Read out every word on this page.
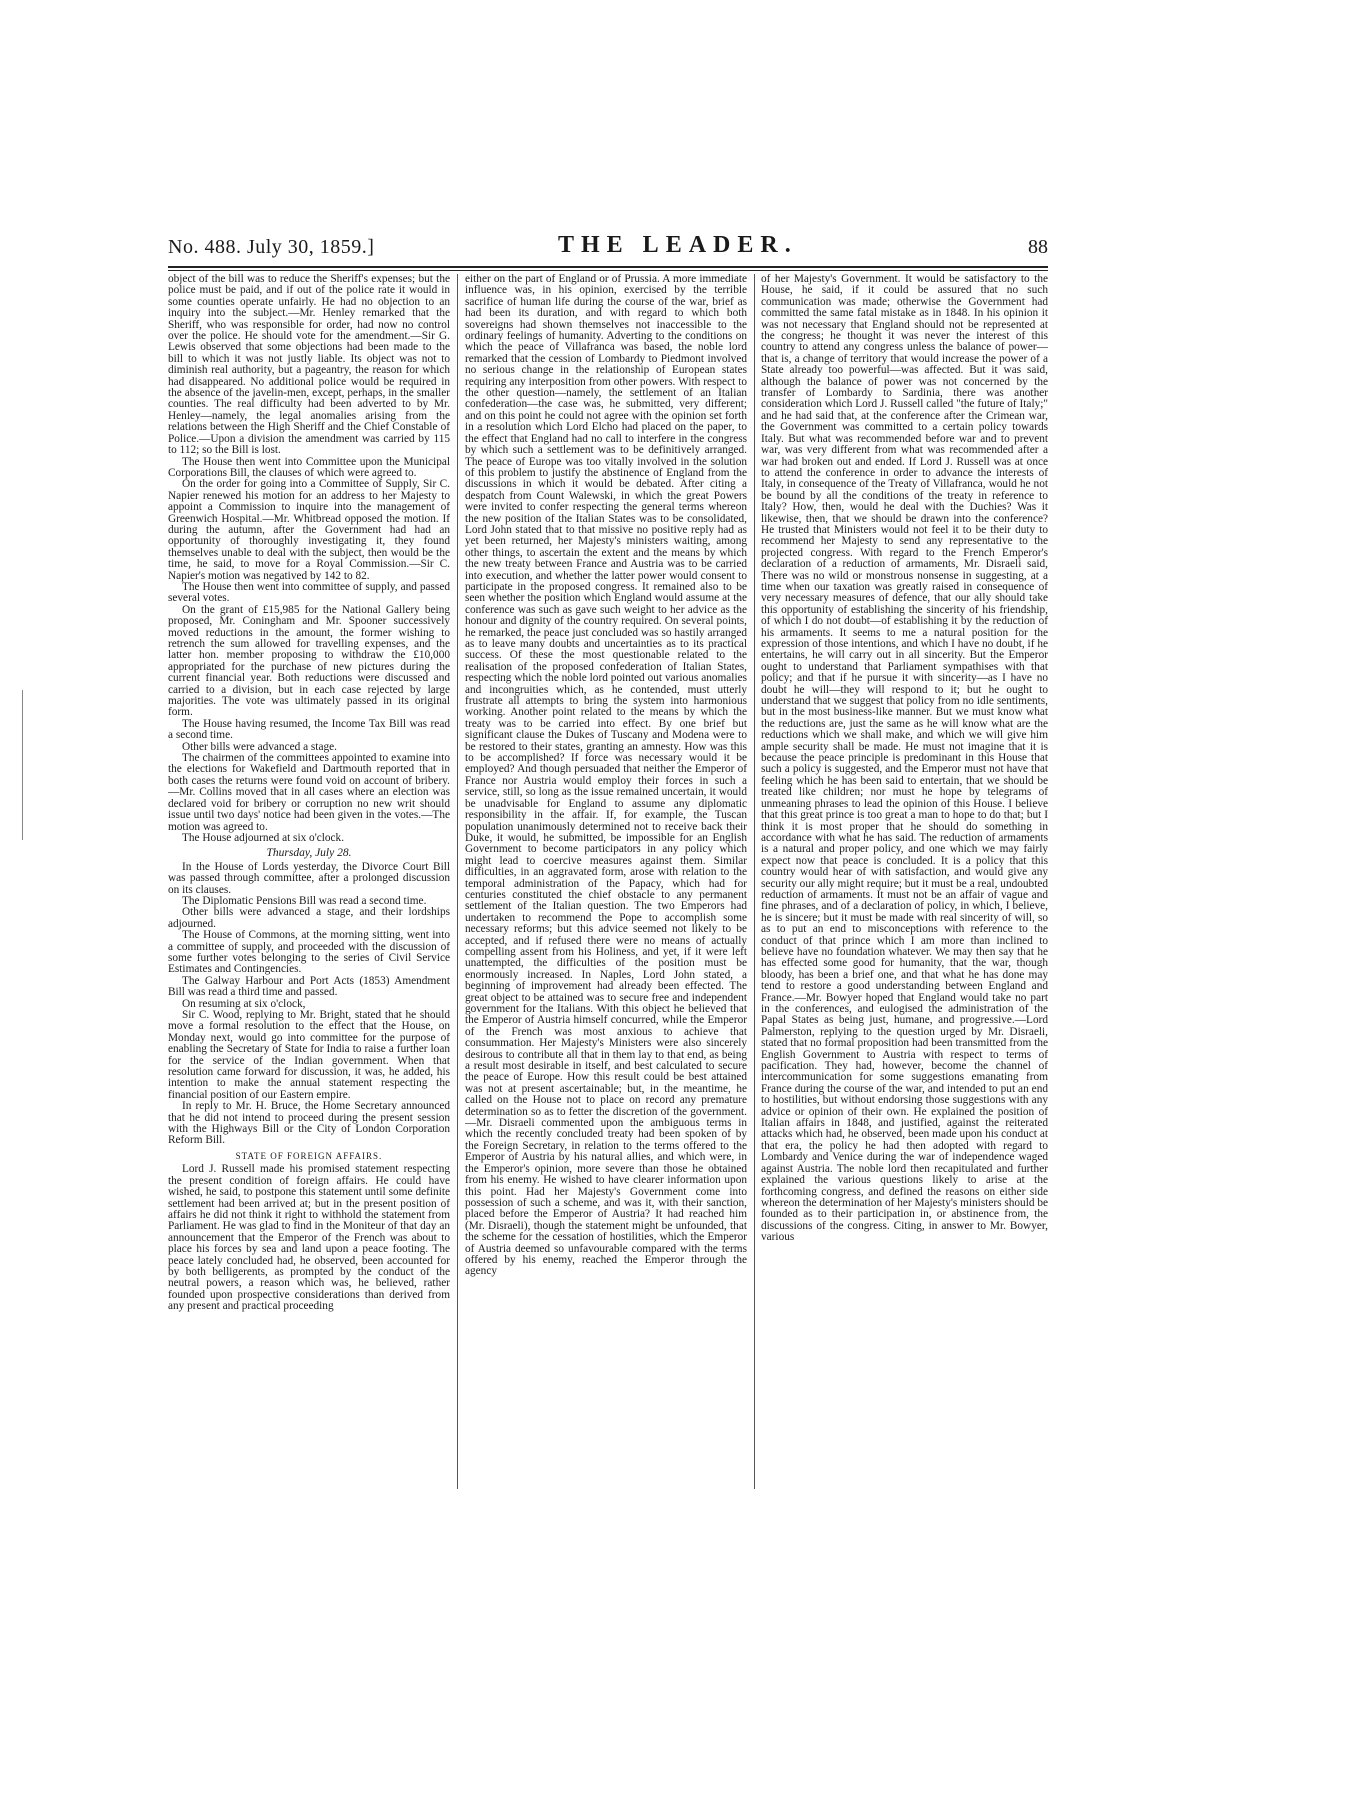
No. 488. July 30, 1859.]	THE LEADER.	88

object of the bill was to reduce the Sheriff's expenses; but the police must be paid, and if out of the police rate it would in some counties operate unfairly. He had no objection to an inquiry into the subject.—Mr. Henley remarked that the Sheriff, who was responsible for order, had now no control over the police. He should vote for the amendment.—Sir G. Lewis observed that some objections had been made to the bill to which it was not justly liable. Its object was not to diminish real authority, but a pageantry, the reason for which had disappeared. No additional police would be required in the absence of the javelin-men, except, perhaps, in the smaller counties. The real difficulty had been adverted to by Mr. Henley—namely, the legal anomalies arising from the relations between the High Sheriff and the Chief Constable of Police.—Upon a division the amendment was carried by 115 to 112; so the Bill is lost.

The House then went into Committee upon the Municipal Corporations Bill, the clauses of which were agreed to.

On the order for going into a Committee of Supply, Sir C. Napier renewed his motion for an address to her Majesty to appoint a Commission to inquire into the management of Greenwich Hospital.—Mr. Whitbread opposed the motion. If during the autumn, after the Government had had an opportunity of thoroughly investigating it, they found themselves unable to deal with the subject, then would be the time, he said, to move for a Royal Commission.—Sir C. Napier's motion was negatived by 142 to 82.

The House then went into committee of supply, and passed several votes.

On the grant of £15,985 for the National Gallery being proposed, Mr. Coningham and Mr. Spooner successively moved reductions in the amount, the former wishing to retrench the sum allowed for travelling expenses, and the latter hon. member proposing to withdraw the £10,000 appropriated for the purchase of new pictures during the current financial year. Both reductions were discussed and carried to a division, but in each case rejected by large majorities. The vote was ultimately passed in its original form.

The House having resumed, the Income Tax Bill was read a second time.

Other bills were advanced a stage.

The chairmen of the committees appointed to examine into the elections for Wakefield and Dartmouth reported that in both cases the returns were found void on account of bribery.—Mr. Collins moved that in all cases where an election was declared void for bribery or corruption no new writ should issue until two days' notice had been given in the votes.—The motion was agreed to.

The House adjourned at six o'clock.

Thursday, July 28.

In the House of Lords yesterday, the Divorce Court Bill was passed through committee, after a prolonged discussion on its clauses.

The Diplomatic Pensions Bill was read a second time.

Other bills were advanced a stage, and their lordships adjourned.

The House of Commons, at the morning sitting, went into a committee of supply, and proceeded with the discussion of some further votes belonging to the series of Civil Service Estimates and Contingencies.

The Galway Harbour and Port Acts (1853) Amendment Bill was read a third time and passed.

On resuming at six o'clock,

Sir C. Wood, replying to Mr. Bright, stated that he should move a formal resolution to the effect that the House, on Monday next, would go into committee for the purpose of enabling the Secretary of State for India to raise a further loan for the service of the Indian government. When that resolution came forward for discussion, it was, he added, his intention to make the annual statement respecting the financial position of our Eastern empire.

In reply to Mr. H. Bruce, the Home Secretary announced that he did not intend to proceed during the present session with the Highways Bill or the City of London Corporation Reform Bill.

STATE OF FOREIGN AFFAIRS.

Lord J. Russell made his promised statement respecting the present condition of foreign affairs. He could have wished, he said, to postpone this statement until some definite settlement had been arrived at; but in the present position of affairs he did not think it right to withhold the statement from Parliament. He was glad to find in the Moniteur of that day an announcement that the Emperor of the French was about to place his forces by sea and land upon a peace footing. The peace lately concluded had, he observed, been accounted for by both belligerents, as prompted by the conduct of the neutral powers, a reason which was, he believed, rather founded upon prospective considerations than derived from any present and practical proceeding

either on the part of England or of Prussia. A more immediate influence was, in his opinion, exercised by the terrible sacrifice of human life during the course of the war, brief as had been its duration, and with regard to which both sovereigns had shown themselves not inaccessible to the ordinary feelings of humanity. Adverting to the conditions on which the peace of Villafranca was based, the noble lord remarked that the cession of Lombardy to Piedmont involved no serious change in the relationship of European states requiring any interposition from other powers. With respect to the other question—namely, the settlement of an Italian confederation—the case was, he submitted, very different; and on this point he could not agree with the opinion set forth in a resolution which Lord Elcho had placed on the paper, to the effect that England had no call to interfere in the congress by which such a settlement was to be definitively arranged. The peace of Europe was too vitally involved in the solution of this problem to justify the abstinence of England from the discussions in which it would be debated. After citing a despatch from Count Walewski, in which the great Powers were invited to confer respecting the general terms whereon the new position of the Italian States was to be consolidated, Lord John stated that to that missive no positive reply had as yet been returned, her Majesty's ministers waiting, among other things, to ascertain the extent and the means by which the new treaty between France and Austria was to be carried into execution, and whether the latter power would consent to participate in the proposed congress. It remained also to be seen whether the position which England would assume at the conference was such as gave such weight to her advice as the honour and dignity of the country required. On several points, he remarked, the peace just concluded was so hastily arranged as to leave many doubts and uncertainties as to its practical success. Of these the most questionable related to the realisation of the proposed confederation of Italian States, respecting which the noble lord pointed out various anomalies and incongruities which, as he contended, must utterly frustrate all attempts to bring the system into harmonious working. Another point related to the means by which the treaty was to be carried into effect. By one brief but significant clause the Dukes of Tuscany and Modena were to be restored to their states, granting an amnesty. How was this to be accomplished? If force was necessary would it be employed? And though persuaded that neither the Emperor of France nor Austria would employ their forces in such a service, still, so long as the issue remained uncertain, it would be unadvisable for England to assume any diplomatic responsibility in the affair. If, for example, the Tuscan population unanimously determined not to receive back their Duke, it would, he submitted, be impossible for an English Government to become participators in any policy which might lead to coercive measures against them. Similar difficulties, in an aggravated form, arose with relation to the temporal administration of the Papacy, which had for centuries constituted the chief obstacle to any permanent settlement of the Italian question. The two Emperors had undertaken to recommend the Pope to accomplish some necessary reforms; but this advice seemed not likely to be accepted, and if refused there were no means of actually compelling assent from his Holiness, and yet, if it were left unattempted, the difficulties of the position must be enormously increased. In Naples, Lord John stated, a beginning of improvement had already been effected. The great object to be attained was to secure free and independent government for the Italians. With this object he believed that the Emperor of Austria himself concurred, while the Emperor of the French was most anxious to achieve that consummation. Her Majesty's Ministers were also sincerely desirous to contribute all that in them lay to that end, as being a result most desirable in itself, and best calculated to secure the peace of Europe. How this result could be best attained was not at present ascertainable; but, in the meantime, he called on the House not to place on record any premature determination so as to fetter the discretion of the government.—Mr. Disraeli commented upon the ambiguous terms in which the recently concluded treaty had been spoken of by the Foreign Secretary, in relation to the terms offered to the Emperor of Austria by his natural allies, and which were, in the Emperor's opinion, more severe than those he obtained from his enemy. He wished to have clearer information upon this point. Had her Majesty's Government come into possession of such a scheme, and was it, with their sanction, placed before the Emperor of Austria? It had reached him (Mr. Disraeli), though the statement might be unfounded, that the scheme for the cessation of hostilities, which the Emperor of Austria deemed so unfavourable compared with the terms offered by his enemy, reached the Emperor through the agency

of her Majesty's Government. It would be satisfactory to the House, he said, if it could be assured that no such communication was made; otherwise the Government had committed the same fatal mistake as in 1848. In his opinion it was not necessary that England should not be represented at the congress; he thought it was never the interest of this country to attend any congress unless the balance of power—that is, a change of territory that would increase the power of a State already too powerful—was affected. But it was said, although the balance of power was not concerned by the transfer of Lombardy to Sardinia, there was another consideration which Lord J. Russell called "the future of Italy;" and he had said that, at the conference after the Crimean war, the Government was committed to a certain policy towards Italy. But what was recommended before war and to prevent war, was very different from what was recommended after a war had broken out and ended. If Lord J. Russell was at once to attend the conference in order to advance the interests of Italy, in consequence of the Treaty of Villafranca, would he not be bound by all the conditions of the treaty in reference to Italy? How, then, would he deal with the Duchies? Was it likewise, then, that we should be drawn into the conference? He trusted that Ministers would not feel it to be their duty to recommend her Majesty to send any representative to the projected congress. With regard to the French Emperor's declaration of a reduction of armaments, Mr. Disraeli said, There was no wild or monstrous nonsense in suggesting, at a time when our taxation was greatly raised in consequence of very necessary measures of defence, that our ally should take this opportunity of establishing the sincerity of his friendship, of which I do not doubt—of establishing it by the reduction of his armaments. It seems to me a natural position for the expression of those intentions, and which I have no doubt, if he entertains, he will carry out in all sincerity. But the Emperor ought to understand that Parliament sympathises with that policy; and that if he pursue it with sincerity—as I have no doubt he will—they will respond to it; but he ought to understand that we suggest that policy from no idle sentiments, but in the most business-like manner. But we must know what the reductions are, just the same as he will know what are the reductions which we shall make, and which we will give him ample security shall be made. He must not imagine that it is because the peace principle is predominant in this House that such a policy is suggested, and the Emperor must not have that feeling which he has been said to entertain, that we should be treated like children; nor must he hope by telegrams of unmeaning phrases to lead the opinion of this House. I believe that this great prince is too great a man to hope to do that; but I think it is most proper that he should do something in accordance with what he has said. The reduction of armaments is a natural and proper policy, and one which we may fairly expect now that peace is concluded. It is a policy that this country would hear of with satisfaction, and would give any security our ally might require; but it must be a real, undoubted reduction of armaments. It must not be an affair of vague and fine phrases, and of a declaration of policy, in which, I believe, he is sincere; but it must be made with real sincerity of will, so as to put an end to misconceptions with reference to the conduct of that prince which I am more than inclined to believe have no foundation whatever. We may then say that he has effected some good for humanity, that the war, though bloody, has been a brief one, and that what he has done may tend to restore a good understanding between England and France.—Mr. Bowyer hoped that England would take no part in the conferences, and eulogised the administration of the Papal States as being just, humane, and progressive.—Lord Palmerston, replying to the question urged by Mr. Disraeli, stated that no formal proposition had been transmitted from the English Government to Austria with respect to terms of pacification. They had, however, become the channel of intercommunication for some suggestions emanating from France during the course of the war, and intended to put an end to hostilities, but without endorsing those suggestions with any advice or opinion of their own. He explained the position of Italian affairs in 1848, and justified, against the reiterated attacks which had, he observed, been made upon his conduct at that era, the policy he had then adopted with regard to Lombardy and Venice during the war of independence waged against Austria. The noble lord then recapitulated and further explained the various questions likely to arise at the forthcoming congress, and defined the reasons on either side whereon the determination of her Majesty's ministers should be founded as to their participation in, or abstinence from, the discussions of the congress. Citing, in answer to Mr. Bowyer, various
